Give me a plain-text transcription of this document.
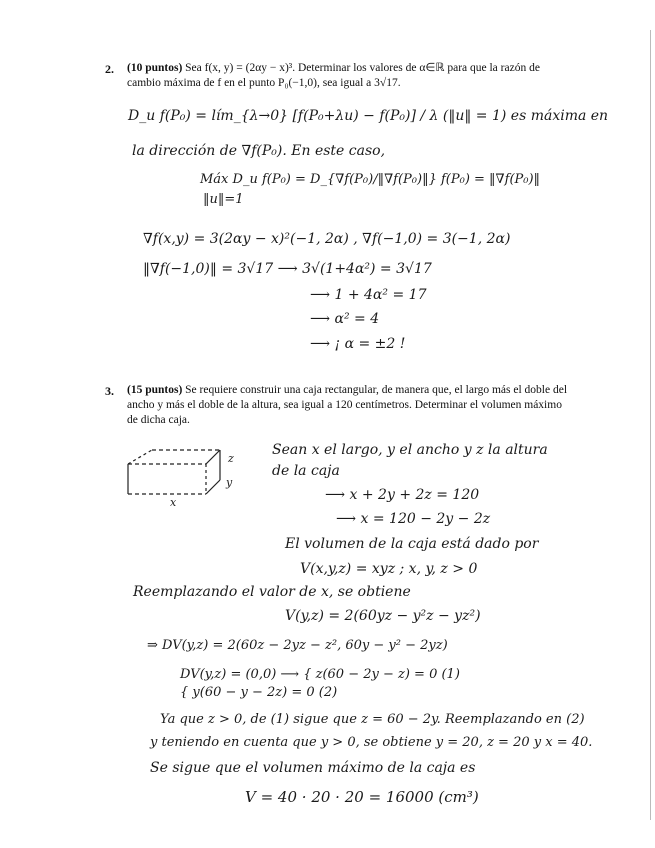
2. (10 puntos) Sea f(x, y) = (2αy − x)³. Determinar los valores de α∈ℝ para que la razón de cambio máxima de f en el punto P₀(−1,0), sea igual a 3√17.
D_u f(P₀) = lím_{λ→0} [f(P₀+λu) − f(P₀)] / λ (‖u‖ = 1) es máxima en
la dirección de ∇f(P₀). En este caso,
Máx D_u f(P₀) = D_{∇f(P₀)/‖∇f(P₀)‖} f(P₀) = ‖∇f(P₀)‖
‖u‖=1
∇f(x,y) = 3(2αy − x)²(−1, 2α) , ∇f(−1,0) = 3(−1, 2α)
‖∇f(−1,0)‖ = 3√17 ⟶ 3√(1+4α²) = 3√17
⟶ 1 + 4α² = 17
⟶ α² = 4
⟶ ¡ α = ±2 !
3. (15 puntos) Se requiere construir una caja rectangular, de manera que, el largo más el doble del ancho y más el doble de la altura, sea igual a 120 centímetros. Determinar el volumen máximo de dicha caja.
z
y
x
Sean x el largo, y el ancho y z la altura
de la caja
⟶ x + 2y + 2z = 120
⟶ x = 120 − 2y − 2z
El volumen de la caja está dado por
V(x,y,z) = xyz ; x, y, z > 0
Reemplazando el valor de x, se obtiene
V(y,z) = 2(60yz − y²z − yz²)
⇒ DV(y,z) = 2(60z − 2yz − z², 60y − y² − 2yz)
DV(y,z) = (0,0) ⟶ { z(60 − 2y − z) = 0 (1)
{ y(60 − y − 2z) = 0 (2)
Ya que z > 0, de (1) sigue que z = 60 − 2y. Reemplazando en (2)
y teniendo en cuenta que y > 0, se obtiene y = 20, z = 20 y x = 40.
Se sigue que el volumen máximo de la caja es
V = 40 · 20 · 20 = 16000 (cm³)
